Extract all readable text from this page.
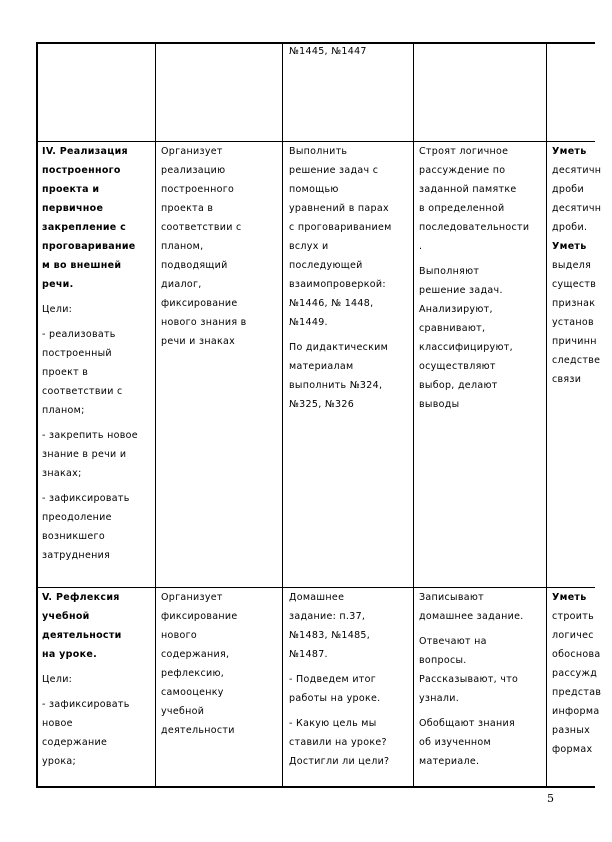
№1445, №1447

IV. Реализация
построенного
проекта и
первичное
закрепление с
проговаривание
м во внешней
речи.

Цели:

- реализовать
построенный
проект в
соответствии с
планом;

- закрепить новое
знание в речи и
знаках;

- зафиксировать
преодоление
возникшего
затруднения

Организует
реализацию
построенного
проекта в
соответствии с
планом,
подводящий
диалог,
фиксирование
нового знания в
речи и знаках

Выполнить
решение задач с
помощью
уравнений в парах
с проговариванием
вслух и
последующей
взаимопроверкой:
№1446, № 1448,
№1449.

По дидактическим
материалам
выполнить №324,
№325, №326

Строят логичное
рассуждение по
заданной памятке
в определенной
последовательности
.

Выполняют
решение задач.
Анализируют,
сравнивают,
классифицируют,
осуществляют
выбор, делают
выводы

Уметь
десятичн
дроби
десятичн
дроби.
Уметь
выделя
существ
признак
установ
причинн
следстве
связи

V. Рефлексия
учебной
деятельности
на уроке.

Цели:

- зафиксировать
новое
содержание
урока;

Организует
фиксирование
нового
содержания,
рефлексию,
самооценку
учебной
деятельности

Домашнее
задание: п.37,
№1483, №1485,
№1487.

- Подведем итог
работы на уроке.

- Какую цель мы
ставили на уроке?
Достигли ли цели?

Записывают
домашнее задание.

Отвечают на
вопросы.
Рассказывают, что
узнали.

Обобщают знания
об изученном
материале.

Уметь
строить
логичес
обоснова
рассужд
представ
информа
разных
формах
5
